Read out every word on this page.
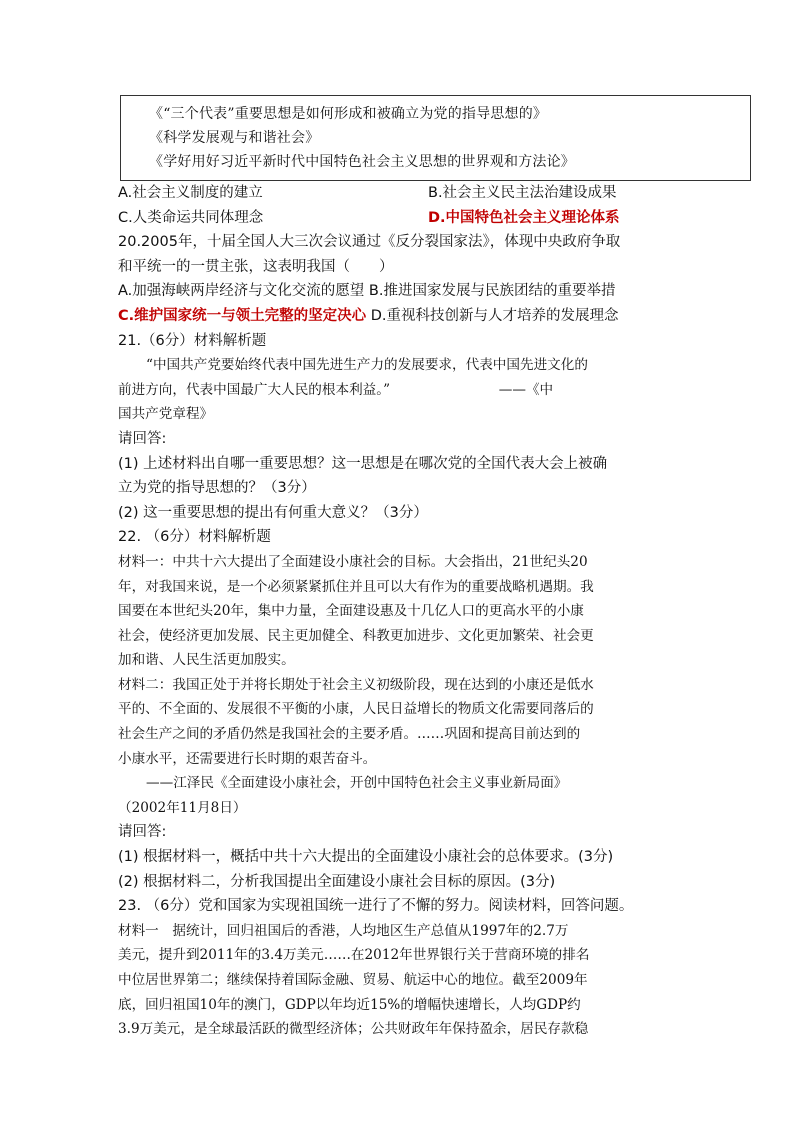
《“三个代表”重要思想是如何形成和被确立为党的指导思想的》
《科学发展观与和谐社会》
《学好用好习近平新时代中国特色社会主义思想的世界观和方法论》
A.社会主义制度的建立	B.社会主义民主法治建设成果
C.人类命运共同体理念	D.中国特色社会主义理论体系
20.2005年，十届全国人大三次会议通过《反分裂国家法》，体现中央政府争取
和平统一的一贯主张，这表明我国（　　）
A.加强海峡两岸经济与文化交流的愿望 B.推进国家发展与民族团结的重要举措
C.维护国家统一与领土完整的坚定决心 D.重视科技创新与人才培养的发展理念
21.（6分）材料解析题
“中国共产党要始终代表中国先进生产力的发展要求，代表中国先进文化的
前进方向，代表中国最广大人民的根本利益。”　　　　　　　　——《中
国共产党章程》
请回答:
(1) 上述材料出自哪一重要思想？这一思想是在哪次党的全国代表大会上被确
立为党的指导思想的？（3分）
(2) 这一重要思想的提出有何重大意义？（3分）
22. （6分）材料解析题
材料一：中共十六大提出了全面建设小康社会的目标。大会指出，21世纪头20
年，对我国来说，是一个必须紧紧抓住并且可以大有作为的重要战略机遇期。我
国要在本世纪头20年，集中力量，全面建设惠及十几亿人口的更高水平的小康
社会，使经济更加发展、民主更加健全、科教更加进步、文化更加繁荣、社会更
加和谐、人民生活更加殷实。
材料二：我国正处于并将长期处于社会主义初级阶段，现在达到的小康还是低水
平的、不全面的、发展很不平衡的小康，人民日益增长的物质文化需要同落后的
社会生产之间的矛盾仍然是我国社会的主要矛盾。……巩固和提高目前达到的
小康水平，还需要进行长时期的艰苦奋斗。
——江泽民《全面建设小康社会，开创中国特色社会主义事业新局面》
（2002年11月8日）
请回答:
(1) 根据材料一，概括中共十六大提出的全面建设小康社会的总体要求。(3分)
(2) 根据材料二，分析我国提出全面建设小康社会目标的原因。(3分)
23. （6分）党和国家为实现祖国统一进行了不懈的努力。阅读材料，回答问题。
材料一　据统计，回归祖国后的香港，人均地区生产总值从1997年的2.7万
美元，提升到2011年的3.4万美元……在2012年世界银行关于营商环境的排名
中位居世界第二；继续保持着国际金融、贸易、航运中心的地位。截至2009年
底，回归祖国10年的澳门，GDP以年均近15%的增幅快速增长，人均GDP约
3.9万美元，是全球最活跃的微型经济体；公共财政年年保持盈余，居民存款稳
